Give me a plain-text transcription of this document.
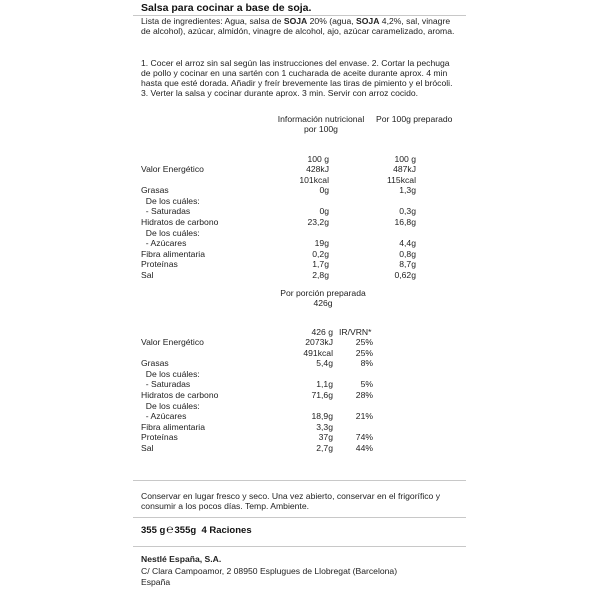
Salsa para cocinar a base de soja.
Lista de ingredientes: Agua, salsa de SOJA 20% (agua, SOJA 4,2%, sal, vinagre de alcohol), azúcar, almidón, vinagre de alcohol, ajo, azúcar caramelizado, aroma.
1. Cocer el arroz sin sal según las instrucciones del envase. 2. Cortar la pechuga de pollo y cocinar en una sartén con 1 cucharada de aceite durante aprox. 4 min hasta que esté dorada. Añadir y freír brevemente las tiras de pimiento y el brócoli. 3. Verter la salsa y cocinar durante aprox. 3 min. Servir con arroz cocido.
Información nutricional
por 100g
Por 100g preparado
100 g	100 g
Valor Energético	428kJ	487kJ
101kcal	115kcal
Grasas	0g	1,3g
De los cuáles:
- Saturadas	0g	0,3g
Hidratos de carbono	23,2g	16,8g
De los cuáles:
- Azúcares	19g	4,4g
Fibra alimentaria	0,2g	0,8g
Proteínas	1,7g	8,7g
Sal	2,8g	0,62g
Por porción preparada
426g
426 g IR/VRN*
Valor Energético	2073kJ	25%
491kcal	25%
Grasas	5,4g	8%
De los cuáles:
- Saturadas	1,1g	5%
Hidratos de carbono	71,6g	28%
De los cuáles:
- Azúcares	18,9g	21%
Fibra alimentaria	3,3g
Proteínas	37g	74%
Sal	2,7g	44%
Conservar en lugar fresco y seco. Una vez abierto, conservar en el frigorífico y consumir a los pocos días. Temp. Ambiente.
355 g℮355g 4 Raciones
Nestlé España, S.A.
C/ Clara Campoamor, 2 08950 Esplugues de Llobregat (Barcelona)
España
